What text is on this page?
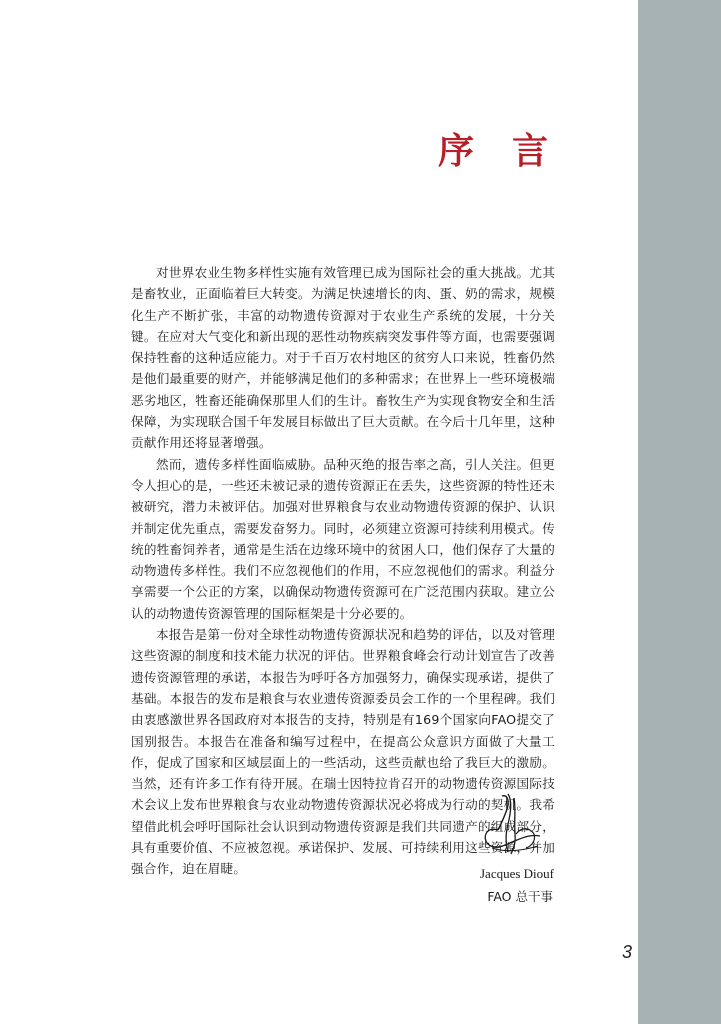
序 言

对世界农业生物多样性实施有效管理已成为国际社会的重大挑战。尤其是畜牧业，正面临着巨大转变。为满足快速增长的肉、蛋、奶的需求，规模化生产不断扩张，丰富的动物遗传资源对于农业生产系统的发展，十分关键。在应对大气变化和新出现的恶性动物疾病突发事件等方面，也需要强调保持牲畜的这种适应能力。对于千百万农村地区的贫穷人口来说，牲畜仍然是他们最重要的财产，并能够满足他们的多种需求；在世界上一些环境极端恶劣地区，牲畜还能确保那里人们的生计。畜牧生产为实现食物安全和生活保障，为实现联合国千年发展目标做出了巨大贡献。在今后十几年里，这种贡献作用还将显著增强。

然而，遗传多样性面临威胁。品种灭绝的报告率之高，引人关注。但更令人担心的是，一些还未被记录的遗传资源正在丢失，这些资源的特性还未被研究，潜力未被评估。加强对世界粮食与农业动物遗传资源的保护、认识并制定优先重点，需要发奋努力。同时，必须建立资源可持续利用模式。传统的牲畜饲养者，通常是生活在边缘环境中的贫困人口，他们保存了大量的动物遗传多样性。我们不应忽视他们的作用，不应忽视他们的需求。利益分享需要一个公正的方案，以确保动物遗传资源可在广泛范围内获取。建立公认的动物遗传资源管理的国际框架是十分必要的。

本报告是第一份对全球性动物遗传资源状况和趋势的评估，以及对管理这些资源的制度和技术能力状况的评估。世界粮食峰会行动计划宣告了改善遗传资源管理的承诺，本报告为呼吁各方加强努力，确保实现承诺，提供了基础。本报告的发布是粮食与农业遗传资源委员会工作的一个里程碑。我们由衷感激世界各国政府对本报告的支持，特别是有169个国家向FAO提交了国别报告。本报告在准备和编写过程中，在提高公众意识方面做了大量工作，促成了国家和区域层面上的一些活动，这些贡献也给了我巨大的激励。当然，还有许多工作有待开展。在瑞士因特拉肯召开的动物遗传资源国际技术会议上发布世界粮食与农业动物遗传资源状况必将成为行动的契机。我希望借此机会呼吁国际社会认识到动物遗传资源是我们共同遗产的组成部分，具有重要价值、不应被忽视。承诺保护、发展、可持续利用这些资源，并加强合作，迫在眉睫。	Jacques Diouf

FAO 总干事

3
